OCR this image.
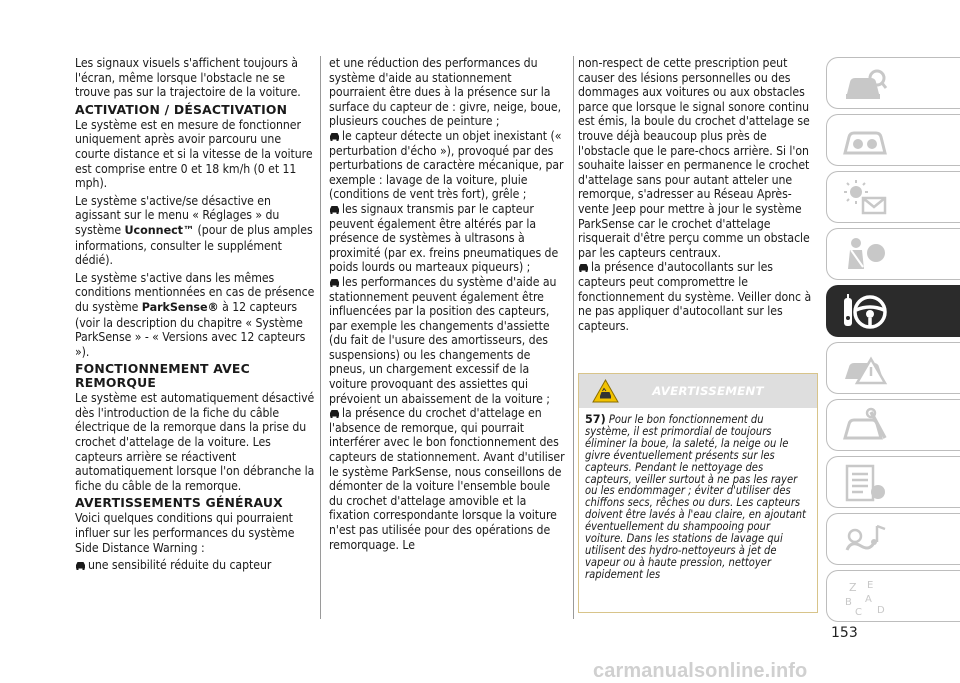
Les signaux visuels s'affichent toujours à l'écran, même lorsque l'obstacle ne se trouve pas sur la trajectoire de la voiture.

ACTIVATION / DÉSACTIVATION

Le système est en mesure de fonctionner uniquement après avoir parcouru une courte distance et si la vitesse de la voiture est comprise entre 0 et 18 km/h (0 et 11 mph).

Le système s'active/se désactive en agissant sur le menu « Réglages » du système Uconnect™ (pour de plus amples informations, consulter le supplément dédié).

Le système s'active dans les mêmes conditions mentionnées en cas de présence du système ParkSense® à 12 capteurs (voir la description du chapitre « Système ParkSense » - « Versions avec 12 capteurs »).

FONCTIONNEMENT AVEC REMORQUE

Le système est automatiquement désactivé dès l'introduction de la fiche du câble électrique de la remorque dans la prise du crochet d'attelage de la voiture. Les capteurs arrière se réactivent automatiquement lorsque l'on débranche la fiche du câble de la remorque.

AVERTISSEMENTS GÉNÉRAUX

Voici quelques conditions qui pourraient influer sur les performances du système Side Distance Warning :

une sensibilité réduite du capteur
et une réduction des performances du système d'aide au stationnement pourraient être dues à la présence sur la surface du capteur de : givre, neige, boue, plusieurs couches de peinture ;
le capteur détecte un objet inexistant (« perturbation d'écho »), provoqué par des perturbations de caractère mécanique, par exemple : lavage de la voiture, pluie (conditions de vent très fort), grêle ;
les signaux transmis par le capteur peuvent également être altérés par la présence de systèmes à ultrasons à proximité (par ex. freins pneumatiques de poids lourds ou marteaux piqueurs) ;
les performances du système d'aide au stationnement peuvent également être influencées par la position des capteurs, par exemple les changements d'assiette (du fait de l'usure des amortisseurs, des suspensions) ou les changements de pneus, un chargement excessif de la voiture provoquant des assiettes qui prévoient un abaissement de la voiture ;
la présence du crochet d'attelage en l'absence de remorque, qui pourrait interférer avec le bon fonctionnement des capteurs de stationnement. Avant d'utiliser le système ParkSense, nous conseillons de démonter de la voiture l'ensemble boule du crochet d'attelage amovible et la fixation correspondante lorsque la voiture n'est pas utilisée pour des opérations de remorquage. Le
non-respect de cette prescription peut causer des lésions personnelles ou des dommages aux voitures ou aux obstacles parce que lorsque le signal sonore continu est émis, la boule du crochet d'attelage se trouve déjà beaucoup plus près de l'obstacle que le pare-chocs arrière. Si l'on souhaite laisser en permanence le crochet d'attelage sans pour autant atteler une remorque, s'adresser au Réseau Après-vente Jeep pour mettre à jour le système ParkSense car le crochet d'attelage risquerait d'être perçu comme un obstacle par les capteurs centraux.
la présence d'autocollants sur les capteurs peut compromettre le fonctionnement du système. Veiller donc à ne pas appliquer d'autocollant sur les capteurs.
AVERTISSEMENT
57) Pour le bon fonctionnement du système, il est primordial de toujours éliminer la boue, la saleté, la neige ou le givre éventuellement présents sur les capteurs. Pendant le nettoyage des capteurs, veiller surtout à ne pas les rayer ou les endommager ; éviter d'utiliser des chiffons secs, rêches ou durs. Les capteurs doivent être lavés à l'eau claire, en ajoutant éventuellement du shampooing pour voiture. Dans les stations de lavage qui utilisent des hydro-nettoyeurs à jet de vapeur ou à haute pression, nettoyer rapidement les
Z E
B A
C D
153
carmanualsonline.info
